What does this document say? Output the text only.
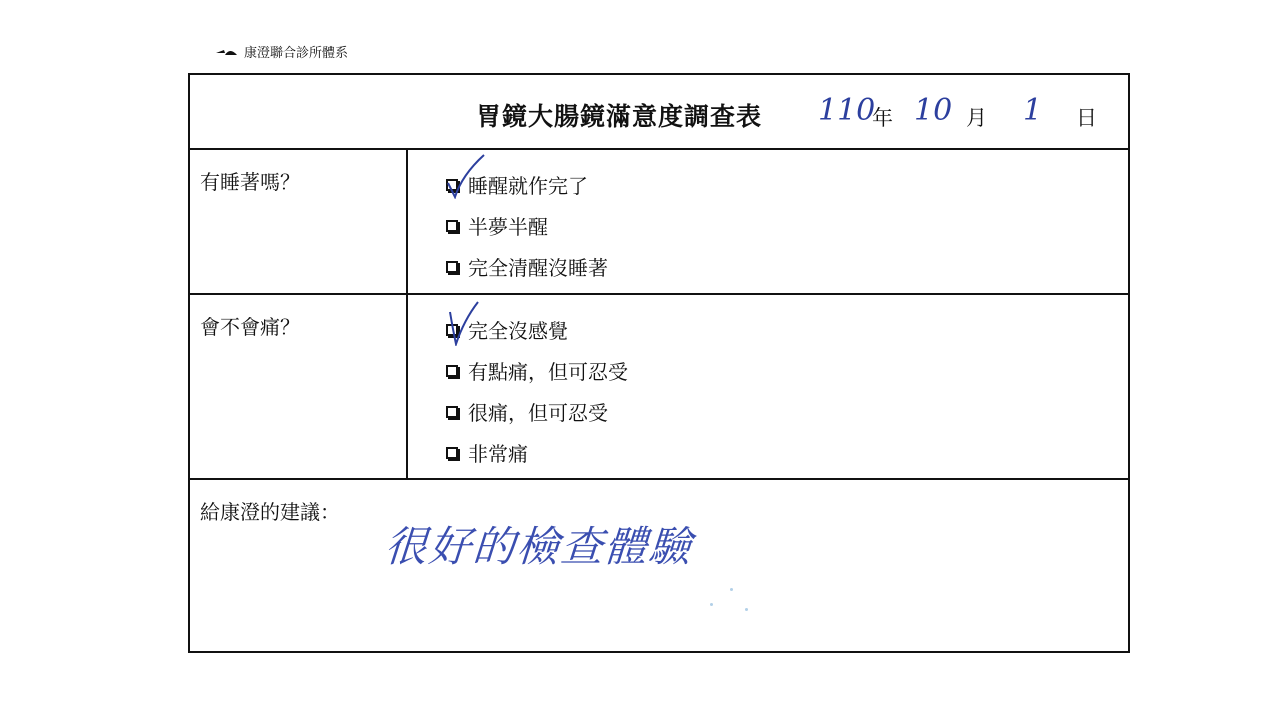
康澄聯合診所體系
胃鏡大腸鏡滿意度調查表 110
年 10 月 1 日
有睡著嗎？	睡醒就作完了
半夢半醒
完全清醒沒睡著
會不會痛？	完全沒感覺
有點痛，但可忍受
很痛，但可忍受
非常痛
給康澄的建議：
很好的檢查體驗
